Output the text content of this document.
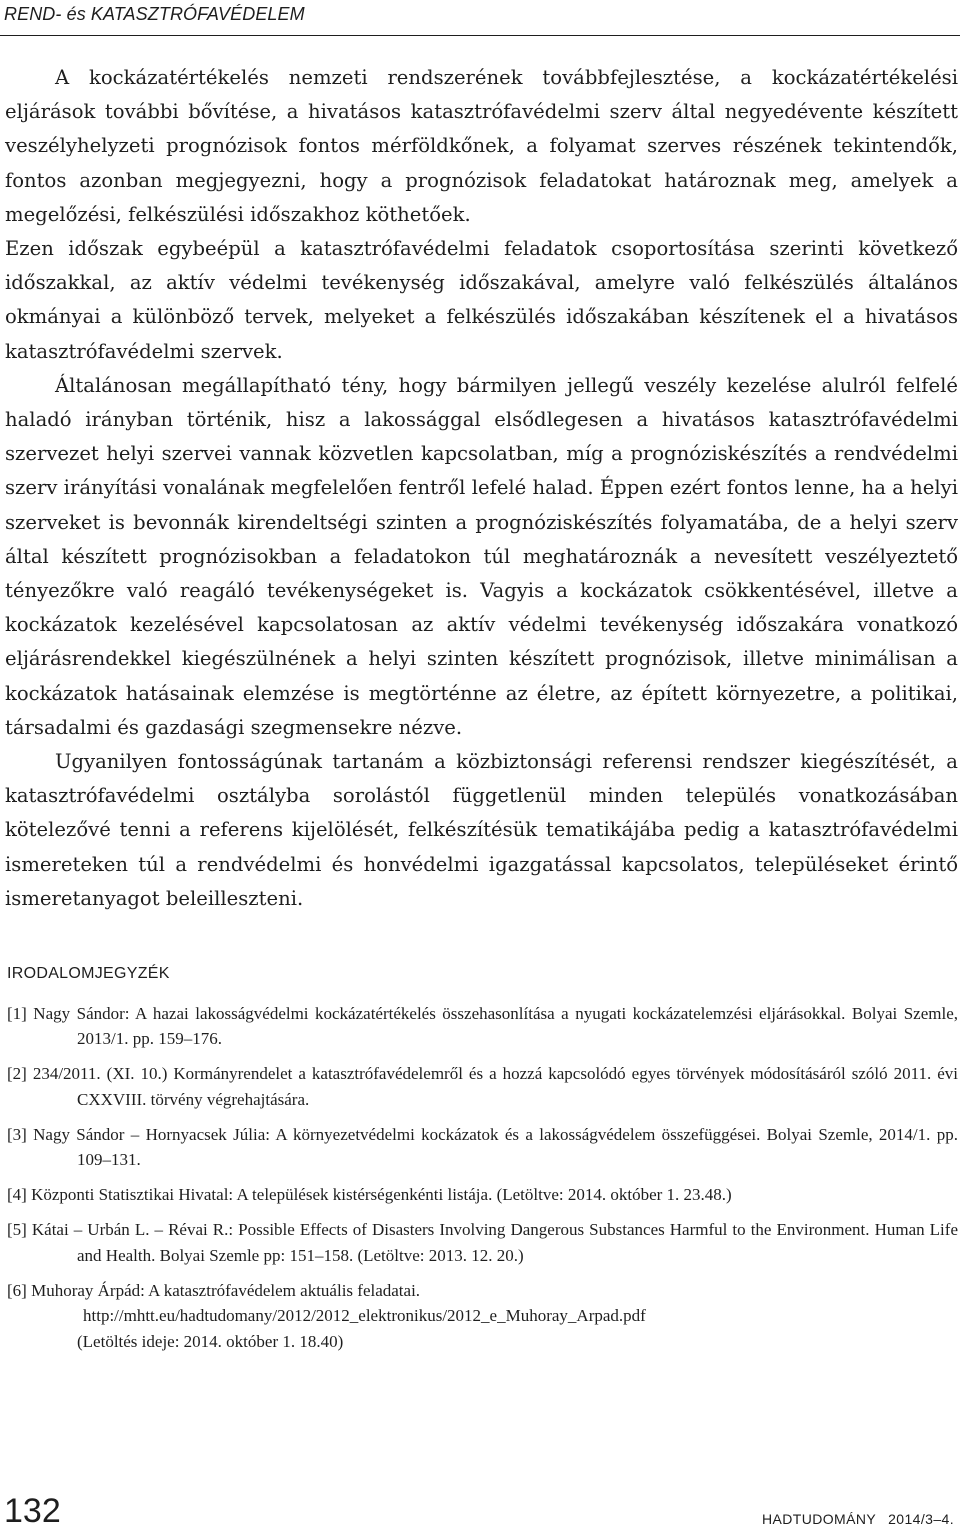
REND- és KATASZTRÓFAVÉDELEM

A kockázatértékelés nemzeti rendszerének továbbfejlesztése, a kockázatértékelési eljárások további bővítése, a hivatásos katasztrófavédelmi szerv által negyedévente készített veszélyhelyzeti prognózisok fontos mérföldkőnek, a folyamat szerves részének tekintendők, fontos azonban megjegyezni, hogy a prognózisok feladatokat határoznak meg, amelyek a megelőzési, felkészülési időszakhoz köthetőek.

Ezen időszak egybeépül a katasztrófavédelmi feladatok csoportosítása szerinti következő időszakkal, az aktív védelmi tevékenység időszakával, amelyre való felkészülés általános okmányai a különböző tervek, melyeket a felkészülés időszakában készítenek el a hivatásos katasztrófavédelmi szervek.

Általánosan megállapítható tény, hogy bármilyen jellegű veszély kezelése alulról felfelé haladó irányban történik, hisz a lakossággal elsődlegesen a hivatásos katasztrófavédelmi szervezet helyi szervei vannak közvetlen kapcsolatban, míg a prognóziskészítés a rendvédelmi szerv irányítási vonalának megfelelően fentről lefelé halad. Éppen ezért fontos lenne, ha a helyi szerveket is bevonnák kirendeltségi szinten a prognóziskészítés folyamatába, de a helyi szerv által készített prognózisokban a feladatokon túl meghatároznák a nevesített veszélyeztető tényezőkre való reagáló tevékenységeket is. Vagyis a kockázatok csökkentésével, illetve a kockázatok kezelésével kapcsolatosan az aktív védelmi tevékenység időszakára vonatkozó eljárásrendekkel kiegészülnének a helyi szinten készített prognózisok, illetve minimálisan a kockázatok hatásainak elemzése is megtörténne az életre, az épített környezetre, a politikai, társadalmi és gazdasági szegmensekre nézve.

Ugyanilyen fontosságúnak tartanám a közbiztonsági referensi rendszer kiegészítését, a katasztrófavédelmi osztályba sorolástól függetlenül minden település vonatkozásában kötelezővé tenni a referens kijelölését, felkészítésük tematikájába pedig a katasztrófavédelmi ismereteken túl a rendvédelmi és honvédelmi igazgatással kapcsolatos, településeket érintő ismeretanyagot beleilleszteni.

IRODALOMJEGYZÉK
[1] Nagy Sándor: A hazai lakosságvédelmi kockázatértékelés összehasonlítása a nyugati kockázatelemzési eljárásokkal. Bolyai Szemle, 2013/1. pp. 159–176.
[2] 234/2011. (XI. 10.) Kormányrendelet a katasztrófavédelemről és a hozzá kapcsolódó egyes törvények módosításáról szóló 2011. évi CXXVIII. törvény végrehajtására.
[3] Nagy Sándor – Hornyacsek Júlia: A környezetvédelmi kockázatok és a lakosságvédelem összefüggései. Bolyai Szemle, 2014/1. pp. 109–131.
[4] Központi Statisztikai Hivatal: A települések kistérségenkénti listája. (Letöltve: 2014. október 1. 23.48.)
[5] Kátai – Urbán L. – Révai R.: Possible Effects of Disasters Involving Dangerous Substances Harmful to the Environment. Human Life and Health. Bolyai Szemle pp: 151–158. (Letöltve: 2013. 12. 20.)
[6] Muhoray Árpád: A katasztrófavédelem aktuális feladatai.
http://mhtt.eu/hadtudomany/2012/2012_elektronikus/2012_e_Muhoray_Arpad.pdf
(Letöltés ideje: 2014. október 1. 18.40)
132	HADTUDOMÁNY 2014/3–4.
